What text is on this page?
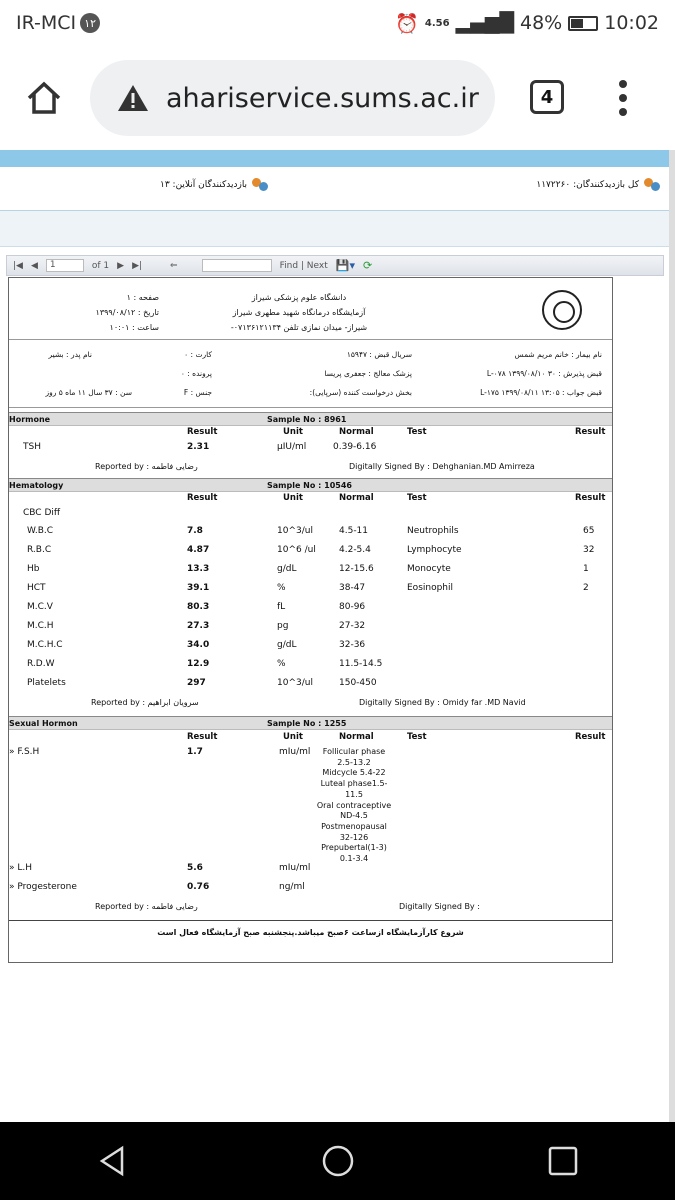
IR-MCI ۱۲	⏰ 4.56 ▂▄▆█ 48% 10:02
ahariservice.sums.ac.ir	4
کل بازدیدکنندگان: ۱۱۷۲۲۶۰
بازدیدکنندگان آنلاین: ۱۳
|◀ ◀	1	of 1 ▶ ▶|	⇐	Find | Next 💾▾ ⟳
دانشگاه علوم پزشکی شیراز
آزمایشگاه درمانگاه شهید مطهری شیراز
شیراز- میدان نمازی تلفن ۰۷۱۳۶۱۲۱۱۳۴-
صفحه : ۱
تاریخ : ۱۳۹۹/۰۸/۱۲
ساعت : ۱۰:۰۱
نام بیمار : خانم مریم شمس
سریال قبض : ۱۵۹۴۷
کارت : ۰
نام پدر : بشیر
قبض پذیرش : ۳۰ ۱۳۹۹/۰۸/۱۰ L-۰۷۸
پزشک معالج : جعفری پریسا
پرونده : ۰
قبض جواب : ۱۳:۰۵ ۱۳۹۹/۰۸/۱۱ L-۱۷۵
بخش درخواست کننده (سرپایی):
جنس : F
سن : ۳۷ سال ۱۱ ماه ۵ روز
Hormone	Sample No : 8961
Result	Unit	Normal	Test	Result
TSH	2.31	µIU/ml	0.39-6.16
Reported by : رضایی فاطمه	Digitally Signed By : Dehghanian.MD Amirreza
Hematology	Sample No : 10546
Result	Unit	Normal	Test	Result
CBC Diff
W.B.C	7.8	10^3/ul	4.5-11	Neutrophils	65
R.B.C	4.87	10^6 /ul	4.2-5.4	Lymphocyte	32
Hb	13.3	g/dL	12-15.6	Monocyte	1
HCT	39.1	%	38-47	Eosinophil	2
M.C.V	80.3	fL	80-96
M.C.H	27.3	pg	27-32
M.C.H.C	34.0	g/dL	32-36
R.D.W	12.9	%	11.5-14.5
Platelets	297	10^3/ul	150-450
Reported by : سرویان ابراهیم	Digitally Signed By : Omidy far .MD Navid
Sexual Hormon	Sample No : 1255
Result	Unit	Normal	Test	Result
» F.S.H	1.7	mIu/ml	Follicular phase
2.5-13.2
Midcycle 5.4-22
Luteal phase1.5-
11.5
Oral contraceptive
ND-4.5
Postmenopausal
32-126
Prepubertal(1-3)
0.1-3.4
» L.H	5.6	mIu/ml
» Progesterone	0.76	ng/ml
Reported by : رضایی فاطمه	Digitally Signed By :
شروع کارآزمایشگاه ازساعت ۶صبح میباشد.پنجشنبه صبح آزمایشگاه فعال است
